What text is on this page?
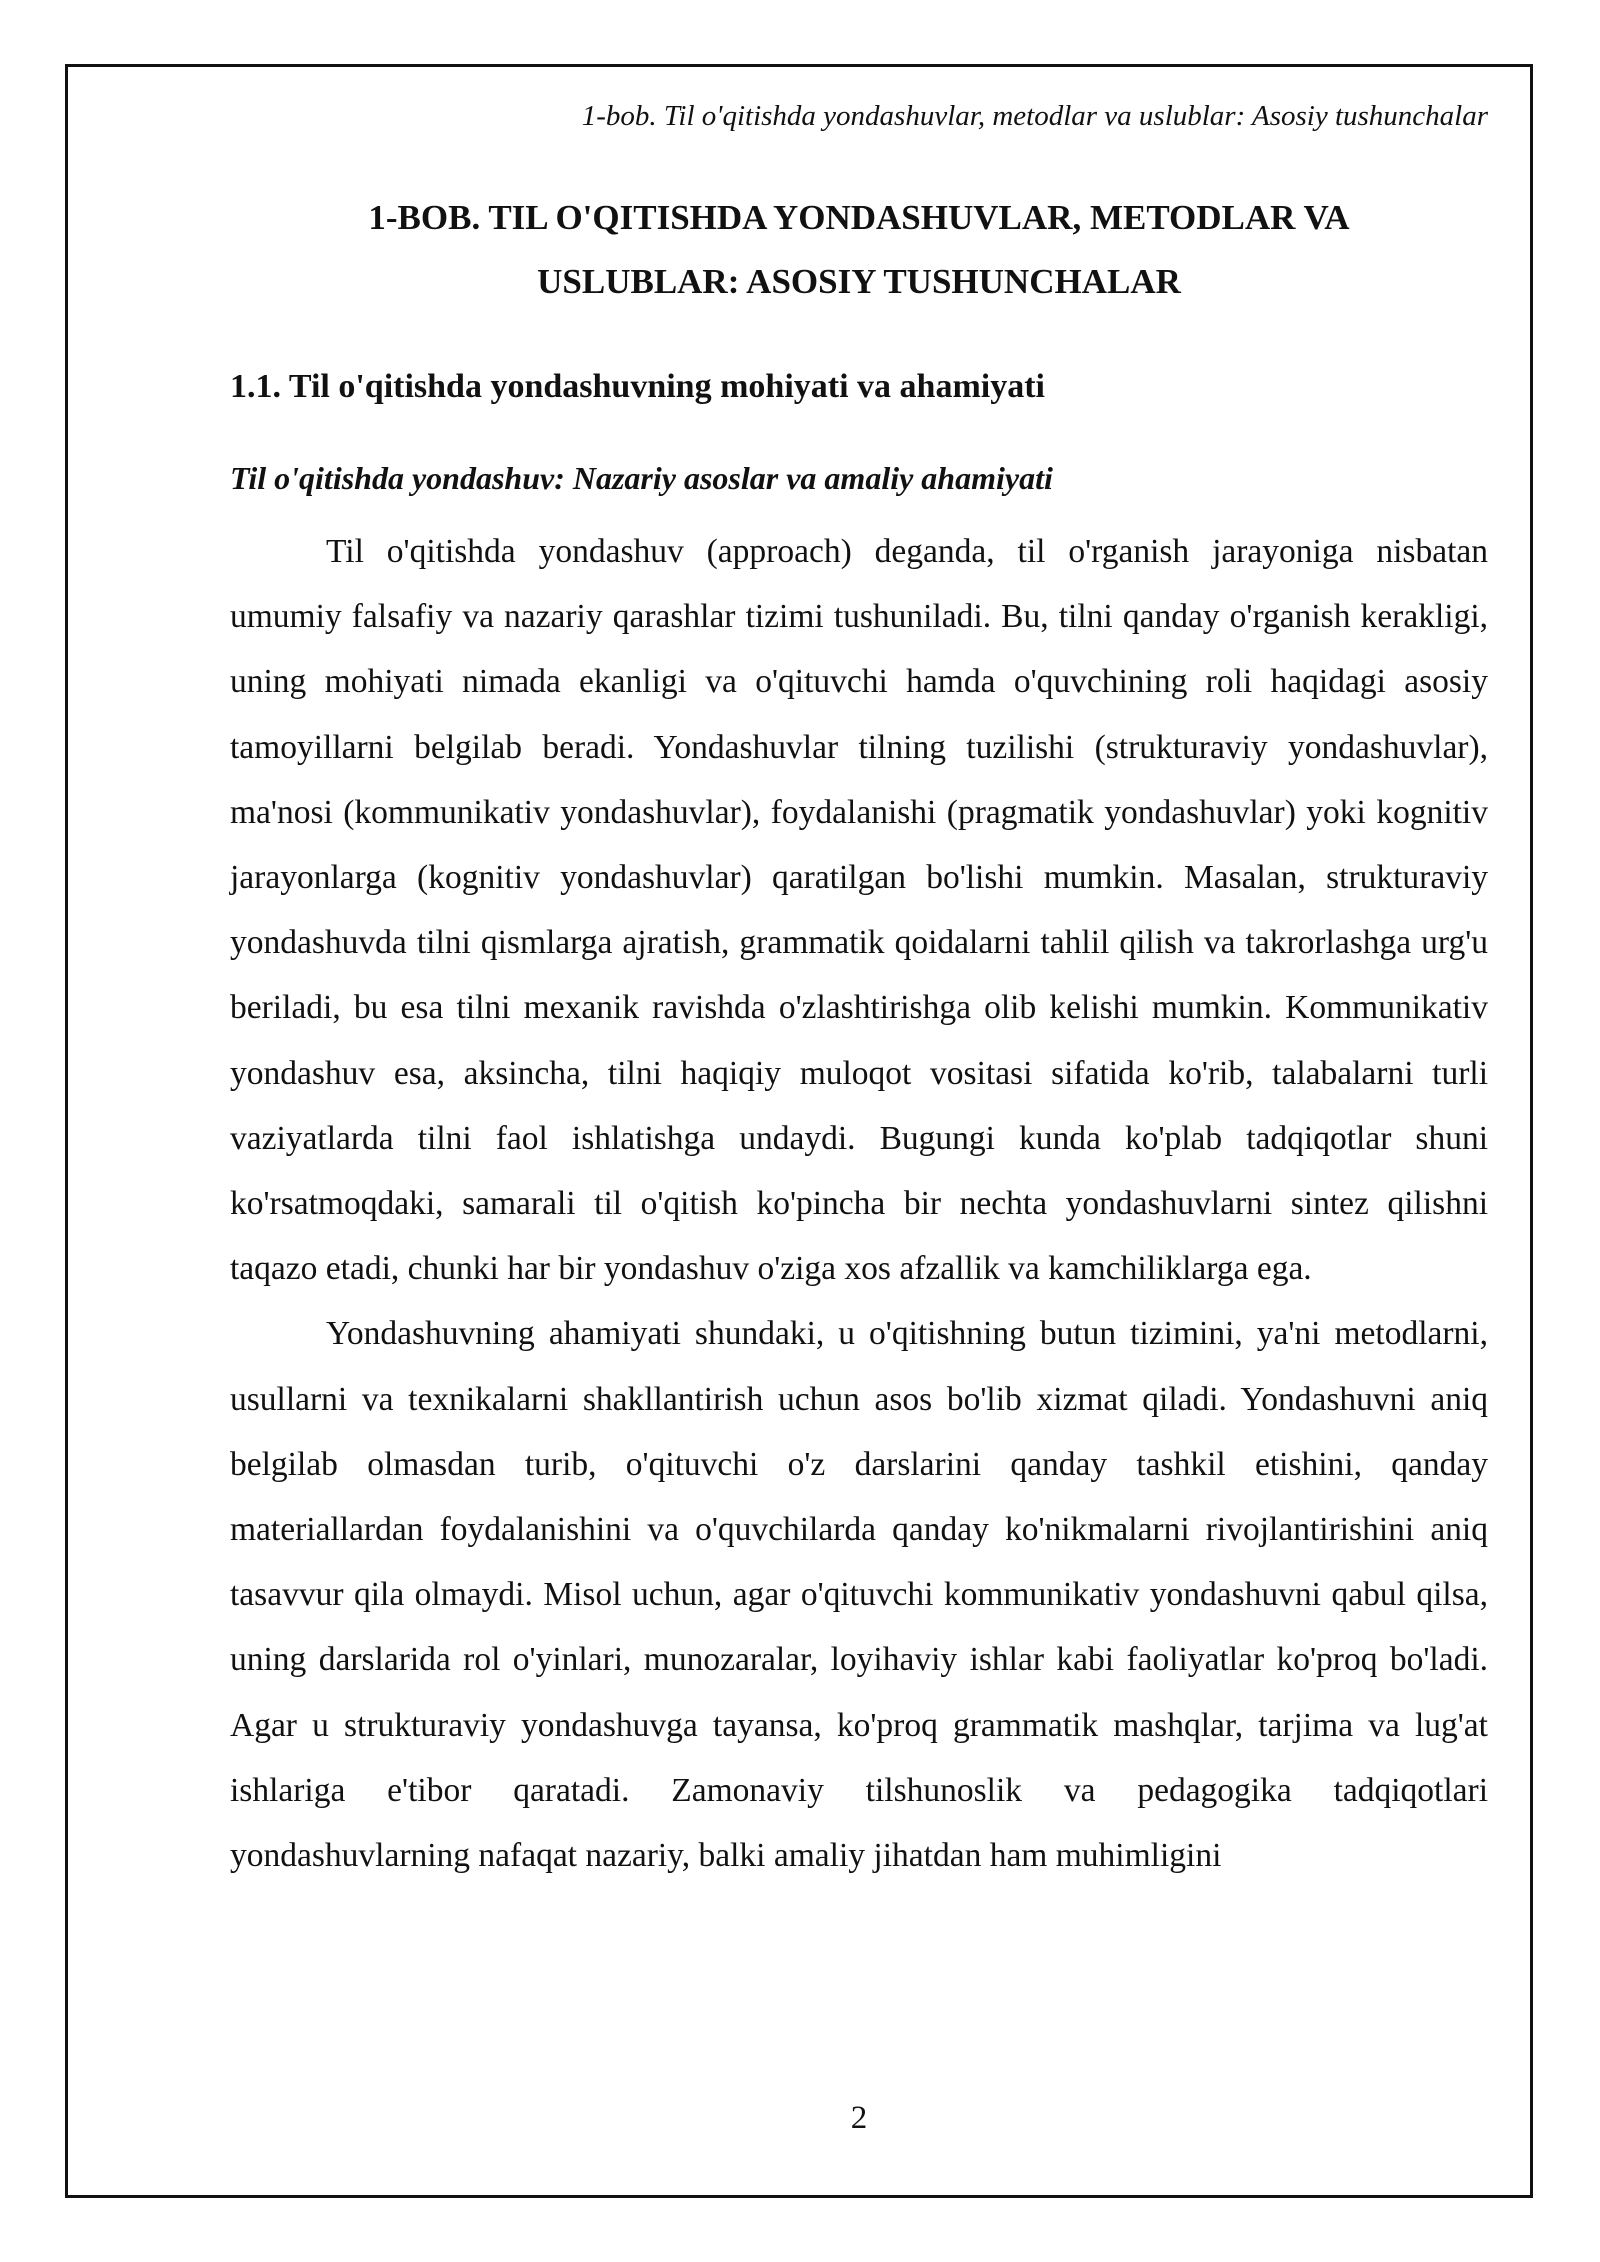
1-bob. Til o'qitishda yondashuvlar, metodlar va uslublar: Asosiy tushunchalar
1-BOB. TIL O'QITISHDA YONDASHUVLAR, METODLAR VA
USLUBLAR: ASOSIY TUSHUNCHALAR
1.1. Til o'qitishda yondashuvning mohiyati va ahamiyati
Til o'qitishda yondashuv: Nazariy asoslar va amaliy ahamiyati

Til o'qitishda yondashuv (approach) deganda, til o'rganish jarayoniga nisbatan umumiy falsafiy va nazariy qarashlar tizimi tushuniladi. Bu, tilni qanday o'rganish kerakligi, uning mohiyati nimada ekanligi va o'qituvchi hamda o'quvchining roli haqidagi asosiy tamoyillarni belgilab beradi. Yondashuvlar tilning tuzilishi (strukturaviy yondashuvlar), ma'nosi (kommunikativ yondashuvlar), foydalanishi (pragmatik yondashuvlar) yoki kognitiv jarayonlarga (kognitiv yondashuvlar) qaratilgan bo'lishi mumkin. Masalan, strukturaviy yondashuvda tilni qismlarga ajratish, grammatik qoidalarni tahlil qilish va takrorlashga urg'u beriladi, bu esa tilni mexanik ravishda o'zlashtirishga olib kelishi mumkin. Kommunikativ yondashuv esa, aksincha, tilni haqiqiy muloqot vositasi sifatida ko'rib, talabalarni turli vaziyatlarda tilni faol ishlatishga undaydi. Bugungi kunda ko'plab tadqiqotlar shuni ko'rsatmoqdaki, samarali til o'qitish ko'pincha bir nechta yondashuvlarni sintez qilishni taqazo etadi, chunki har bir yondashuv o'ziga xos afzallik va kamchiliklarga ega.

Yondashuvning ahamiyati shundaki, u o'qitishning butun tizimini, ya'ni metodlarni, usullarni va texnikalarni shakllantirish uchun asos bo'lib xizmat qiladi. Yondashuvni aniq belgilab olmasdan turib, o'qituvchi o'z darslarini qanday tashkil etishini, qanday materiallardan foydalanishini va o'quvchilarda qanday ko'nikmalarni rivojlantirishini aniq tasavvur qila olmaydi. Misol uchun, agar o'qituvchi kommunikativ yondashuvni qabul qilsa, uning darslarida rol o'yinlari, munozaralar, loyihaviy ishlar kabi faoliyatlar ko'proq bo'ladi. Agar u strukturaviy yondashuvga tayansa, ko'proq grammatik mashqlar, tarjima va lug'at ishlariga e'tibor qaratadi. Zamonaviy tilshunoslik va pedagogika tadqiqotlari yondashuvlarning nafaqat nazariy, balki amaliy jihatdan ham muhimligini

2
